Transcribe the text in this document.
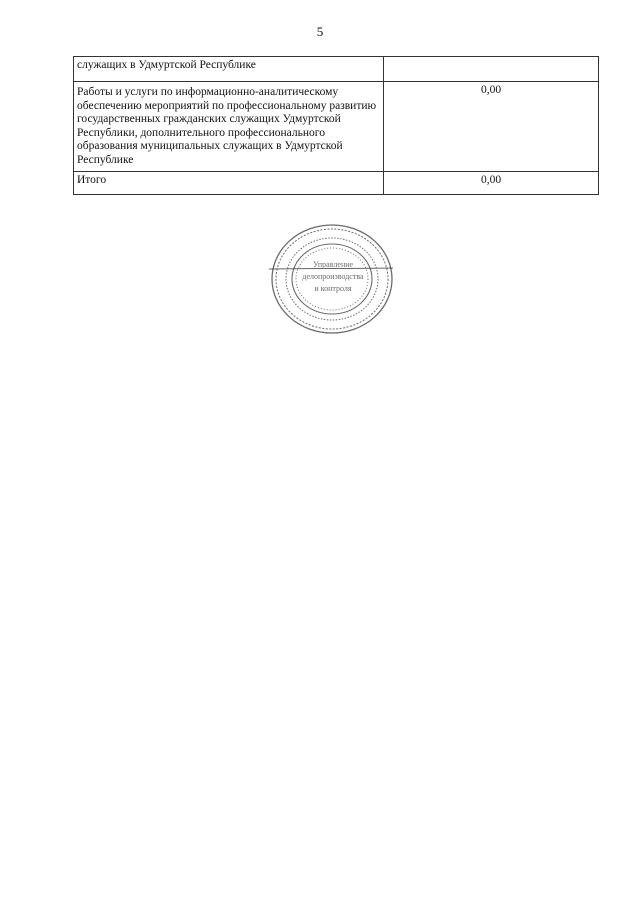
5
служащих в Удмуртской Республике	
Работы и услуги по информационно-аналитическому обеспечению мероприятий по профессиональному развитию государственных гражданских служащих Удмуртской Республики, дополнительного профессионального образования муниципальных служащих в Удмуртской Республике	0,00
Итого	0,00
Управление
делопроизводства
и контроля
